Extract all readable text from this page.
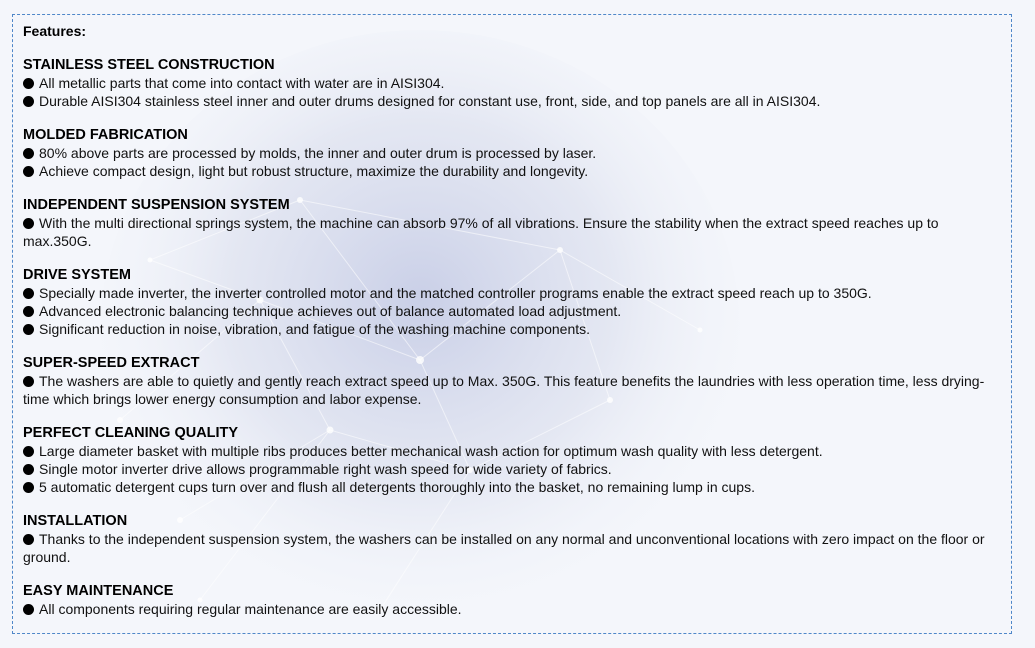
Features:
STAINLESS STEEL CONSTRUCTION
All metallic parts that come into contact with water are in AISI304.
Durable AISI304 stainless steel inner and outer drums designed for constant use, front, side, and top panels are all in AISI304.
MOLDED FABRICATION
80% above parts are processed by molds, the inner and outer drum is processed by laser.
Achieve compact design, light but robust structure, maximize the durability and longevity.
INDEPENDENT SUSPENSION SYSTEM
With the multi directional springs system, the machine can absorb 97% of all vibrations. Ensure the stability when the extract speed reaches up to max.350G.
DRIVE SYSTEM
Specially made inverter, the inverter controlled motor and the matched controller programs enable the extract speed reach up to 350G.
Advanced electronic balancing technique achieves out of balance automated load adjustment.
Significant reduction in noise, vibration, and fatigue of the washing machine components.
SUPER-SPEED EXTRACT
The washers are able to quietly and gently reach extract speed up to Max. 350G. This feature benefits the laundries with less operation time, less drying-time which brings lower energy consumption and labor expense.
PERFECT CLEANING QUALITY
Large diameter basket with multiple ribs produces better mechanical wash action for optimum wash quality with less detergent.
Single motor inverter drive allows programmable right wash speed for wide variety of fabrics.
5 automatic detergent cups turn over and flush all detergents thoroughly into the basket, no remaining lump in cups.
INSTALLATION
Thanks to the independent suspension system, the washers can be installed on any normal and unconventional locations with zero impact on the floor or ground.
EASY MAINTENANCE
All components requiring regular maintenance are easily accessible.
